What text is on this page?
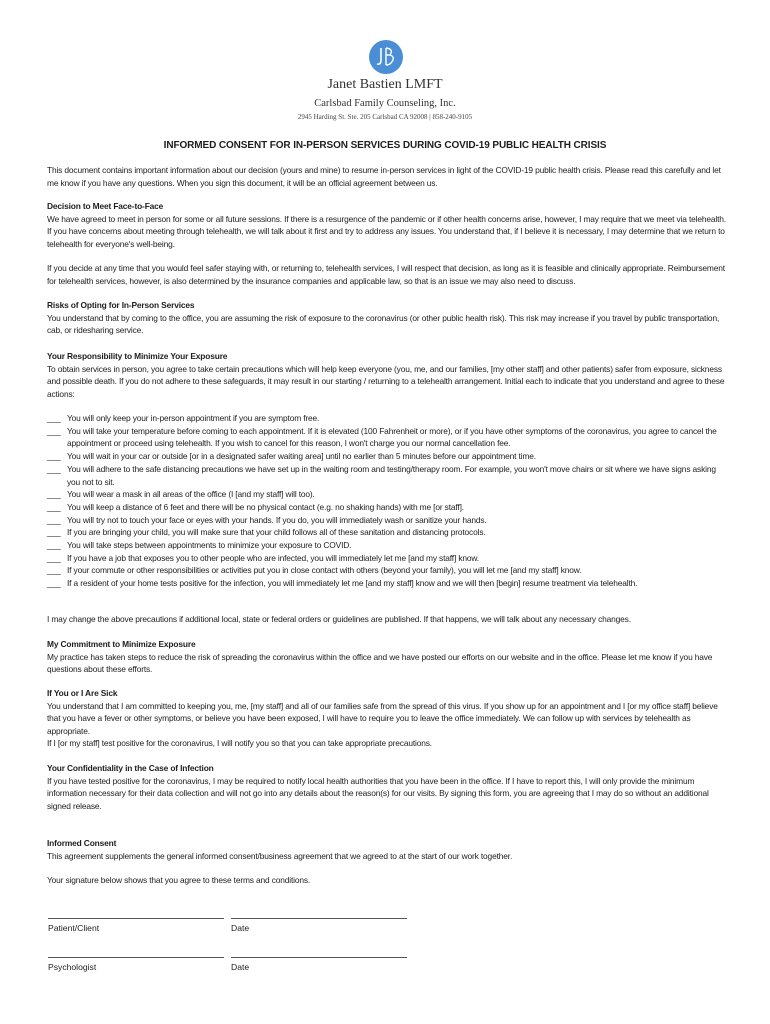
Janet Bastien LMFT
Carlsbad Family Counseling, Inc.
2945 Harding St. Ste. 205 Carlsbad CA 92008 | 858-240-9105
INFORMED CONSENT FOR IN-PERSON SERVICES DURING COVID-19 PUBLIC HEALTH CRISIS

This document contains important information about our decision (yours and mine) to resume in-person services in light of the COVID-19 public health crisis. Please read this carefully and let me know if you have any questions. When you sign this document, it will be an official agreement between us.

Decision to Meet Face-to-Face

We have agreed to meet in person for some or all future sessions. If there is a resurgence of the pandemic or if other health concerns arise, however, I may require that we meet via telehealth. If you have concerns about meeting through telehealth, we will talk about it first and try to address any issues. You understand that, if I believe it is necessary, I may determine that we return to telehealth for everyone's well-being.

If you decide at any time that you would feel safer staying with, or returning to, telehealth services, I will respect that decision, as long as it is feasible and clinically appropriate. Reimbursement for telehealth services, however, is also determined by the insurance companies and applicable law, so that is an issue we may also need to discuss.

Risks of Opting for In-Person Services

You understand that by coming to the office, you are assuming the risk of exposure to the coronavirus (or other public health risk). This risk may increase if you travel by public transportation, cab, or ridesharing service.

Your Responsibility to Minimize Your Exposure

To obtain services in person, you agree to take certain precautions which will help keep everyone (you, me, and our families, [my other staff] and other patients) safer from exposure, sickness and possible death. If you do not adhere to these safeguards, it may result in our starting / returning to a telehealth arrangement. Initial each to indicate that you understand and agree to these actions:

___ You will only keep your in-person appointment if you are symptom free.
___ You will take your temperature before coming to each appointment. If it is elevated (100 Fahrenheit or more), or if you have other symptoms of the coronavirus, you agree to cancel the appointment or proceed using telehealth. If you wish to cancel for this reason, I won't charge you our normal cancellation fee.
___ You will wait in your car or outside [or in a designated safer waiting area] until no earlier than 5 minutes before our appointment time.
___ You will adhere to the safe distancing precautions we have set up in the waiting room and testing/therapy room. For example, you won't move chairs or sit where we have signs asking you not to sit.
___ You will wear a mask in all areas of the office (I [and my staff] will too).
___ You will keep a distance of 6 feet and there will be no physical contact (e.g. no shaking hands) with me [or staff].
___ You will try not to touch your face or eyes with your hands. If you do, you will immediately wash or sanitize your hands.
___ If you are bringing your child, you will make sure that your child follows all of these sanitation and distancing protocols.
___ You will take steps between appointments to minimize your exposure to COVID.
___ If you have a job that exposes you to other people who are infected, you will immediately let me [and my staff] know.
___ If your commute or other responsibilities or activities put you in close contact with others (beyond your family), you will let me [and my staff] know.
___ If a resident of your home tests positive for the infection, you will immediately let me [and my staff] know and we will then [begin] resume treatment via telehealth.

I may change the above precautions if additional local, state or federal orders or guidelines are published. If that happens, we will talk about any necessary changes.

My Commitment to Minimize Exposure

My practice has taken steps to reduce the risk of spreading the coronavirus within the office and we have posted our efforts on our website and in the office. Please let me know if you have questions about these efforts.

If You or I Are Sick

You understand that I am committed to keeping you, me, [my staff] and all of our families safe from the spread of this virus. If you show up for an appointment and I [or my office staff] believe that you have a fever or other symptoms, or believe you have been exposed, I will have to require you to leave the office immediately. We can follow up with services by telehealth as appropriate.

If I [or my staff] test positive for the coronavirus, I will notify you so that you can take appropriate precautions.

Your Confidentiality in the Case of Infection

If you have tested positive for the coronavirus, I may be required to notify local health authorities that you have been in the office. If I have to report this, I will only provide the minimum information necessary for their data collection and will not go into any details about the reason(s) for our visits. By signing this form, you are agreeing that I may do so without an additional signed release.

Informed Consent

This agreement supplements the general informed consent/business agreement that we agreed to at the start of our work together.

Your signature below shows that you agree to these terms and conditions.

Patient/Client	Date
Psychologist	Date
